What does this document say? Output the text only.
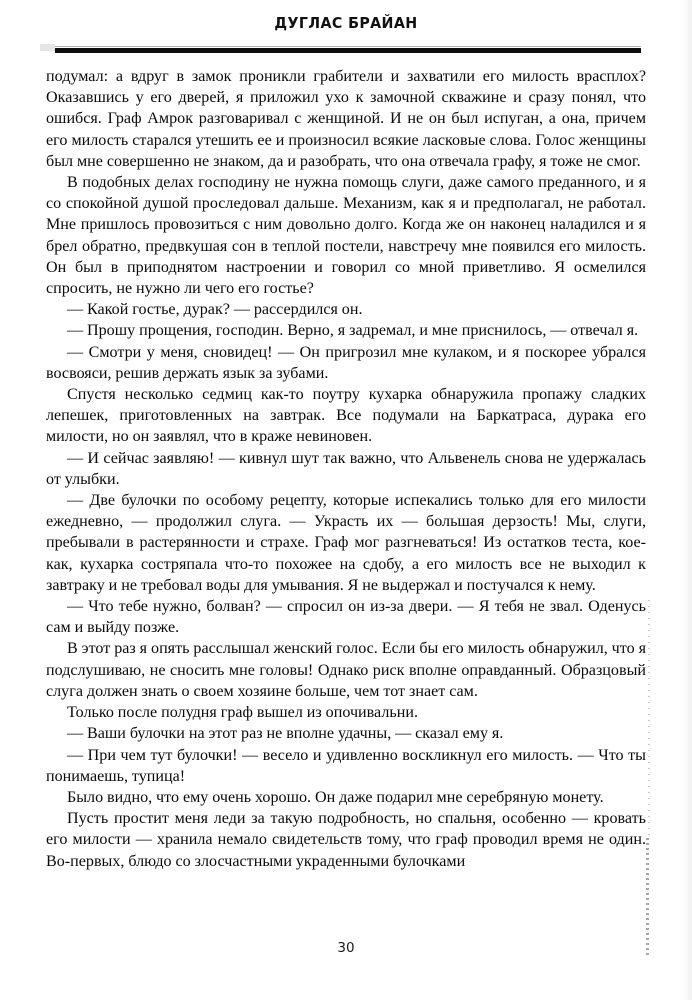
ДУГЛАС БРАЙАН

подумал: а вдруг в замок проникли грабители и захватили его милость врасплох? Оказавшись у его дверей, я приложил ухо к замочной скважине и сразу понял, что ошибся. Граф Амрок разговаривал с женщиной. И не он был испуган, а она, причем его милость старался утешить ее и произносил всякие ласковые слова. Голос женщины был мне совершенно не знаком, да и разобрать, что она отвечала графу, я тоже не смог.

В подобных делах господину не нужна помощь слуги, даже самого преданного, и я со спокойной душой проследовал дальше. Механизм, как я и предполагал, не работал. Мне пришлось провозиться с ним довольно долго. Когда же он наконец наладился и я брел обратно, предвкушая сон в теплой постели, навстречу мне появился его милость. Он был в приподнятом настроении и говорил со мной приветливо. Я осмелился спросить, не нужно ли чего его гостье?

— Какой гостье, дурак? — рассердился он.

— Прошу прощения, господин. Верно, я задремал, и мне приснилось, — отвечал я.

— Смотри у меня, сновидец! — Он пригрозил мне кулаком, и я поскорее убрался восвояси, решив держать язык за зубами.

Спустя несколько седмиц как-то поутру кухарка обнаружила пропажу сладких лепешек, приготовленных на завтрак. Все подумали на Баркатраса, дурака его милости, но он заявлял, что в краже невиновен.

— И сейчас заявляю! — кивнул шут так важно, что Альвенель снова не удержалась от улыбки.

— Две булочки по особому рецепту, которые испекались только для его милости ежедневно, — продолжил слуга. — Украсть их — большая дерзость! Мы, слуги, пребывали в растерянности и страхе. Граф мог разгневаться! Из остатков теста, кое-как, кухарка состряпала что-то похожее на сдобу, а его милость все не выходил к завтраку и не требовал воды для умывания. Я не выдержал и постучался к нему.

— Что тебе нужно, болван? — спросил он из-за двери. — Я тебя не звал. Оденусь сам и выйду позже.

В этот раз я опять расслышал женский голос. Если бы его милость обнаружил, что я подслушиваю, не сносить мне головы! Однако риск вполне оправданный. Образцовый слуга должен знать о своем хозяине больше, чем тот знает сам.

Только после полудня граф вышел из опочивальни.

— Ваши булочки на этот раз не вполне удачны, — сказал ему я.

— При чем тут булочки! — весело и удивленно воскликнул его милость. — Что ты понимаешь, тупица!

Было видно, что ему очень хорошо. Он даже подарил мне серебряную монету.

Пусть простит меня леди за такую подробность, но спальня, особенно — кровать его милости — хранила немало свидетельств тому, что граф проводил время не один. Во-первых, блюдо со злосчастными украденными булочками

30
